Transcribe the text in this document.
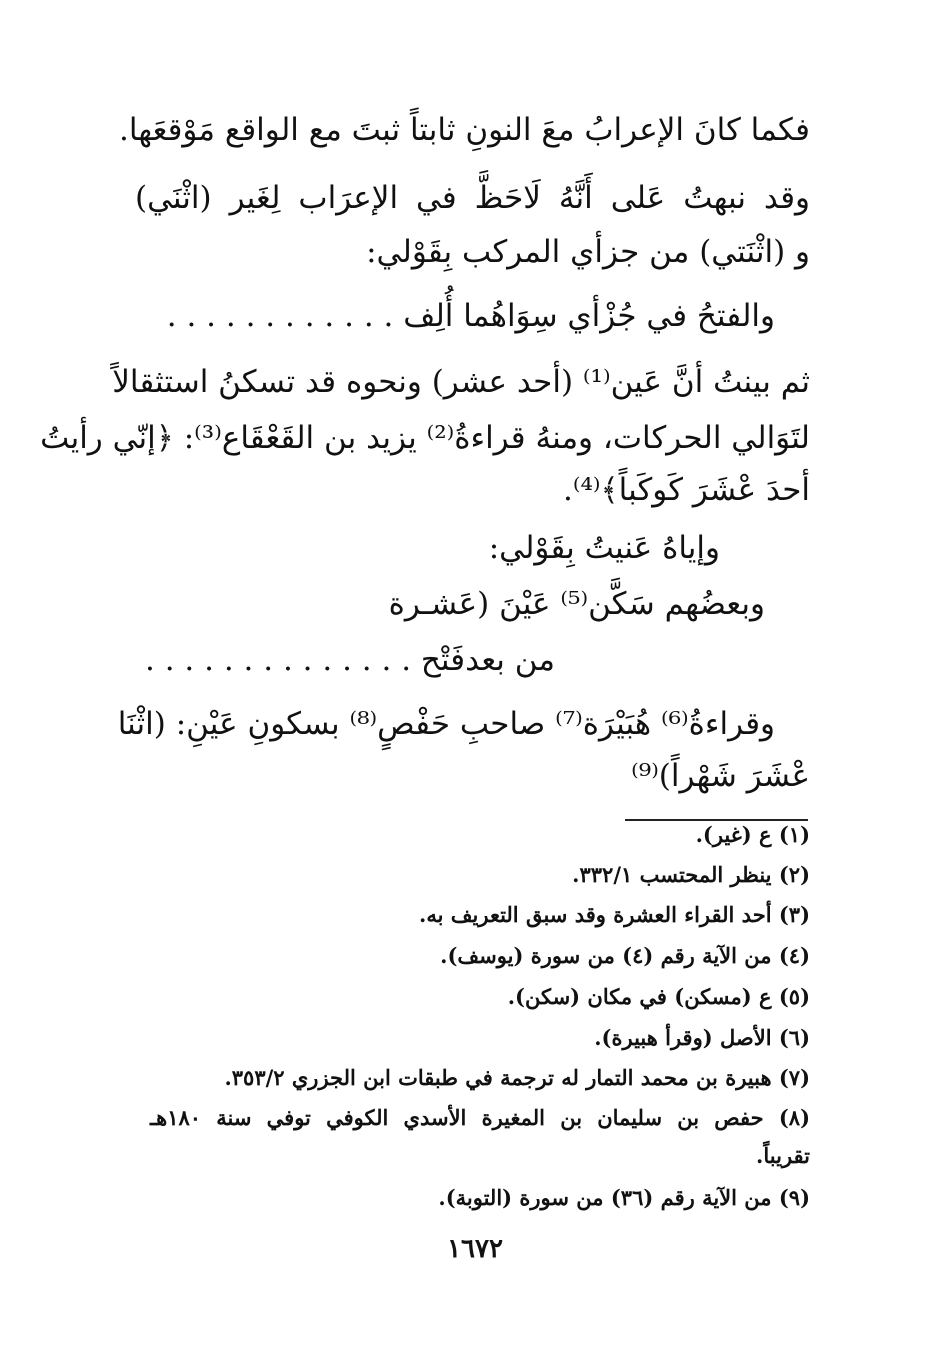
فكما كانَ الإعرابُ معَ النونِ ثابتاً ثبتَ مع الواقع مَوْقعَها.
وقد نبهتُ عَلى أَنَّهُ لَاحَظَّ في الإعرَاب لِغَير (اثْنَي)
و (اثْنَتي) من جزأي المركب بِقَوْلي:
والفتحُ في جُزْأي سِوَاهُما أُلِف . . . . . . . . . . . .
ثم بينتُ أنَّ عَين⁽¹⁾ (أحد عشر) ونحوه قد تسكنُ استثقالاً
لتَوَالي الحركات، ومنهُ قراءةُ⁽²⁾ يزيد بن القَعْقَاع⁽³⁾: ﴿إنّي رأيتُ
أحدَ عْشَرَ كَوكَباً﴾⁽⁴⁾.
وإياهُ عَنيتُ بِقَوْلي:
وبعضُهم سَكَّن⁽⁵⁾ عَيْنَ (عَشـرة
من بعدفَتْح . . . . . . . . . . . . . .
وقراءةُ⁽⁶⁾ هُبَيْرَة⁽⁷⁾ صاحبِ حَفْصٍ⁽⁸⁾ بسكونِ عَيْنِ: (اثْنَا
عْشَرَ شَهْراً)⁽⁹⁾
(١) ع (غير).
(٢) ينظر المحتسب ٣٣٢/١.
(٣) أحد القراء العشرة وقد سبق التعريف به.
(٤) من الآية رقم (٤) من سورة (يوسف).
(٥) ع (مسكن) في مكان (سكن).
(٦) الأصل (وقرأ هبيرة).
(٧) هبيرة بن محمد التمار له ترجمة في طبقات ابن الجزري ٣٥٣/٢.
(٨) حفص بن سليمان بن المغيرة الأسدي الكوفي توفي سنة ١٨٠هـ
تقريباً.
(٩) من الآية رقم (٣٦) من سورة (التوبة).
١٦٧٢
